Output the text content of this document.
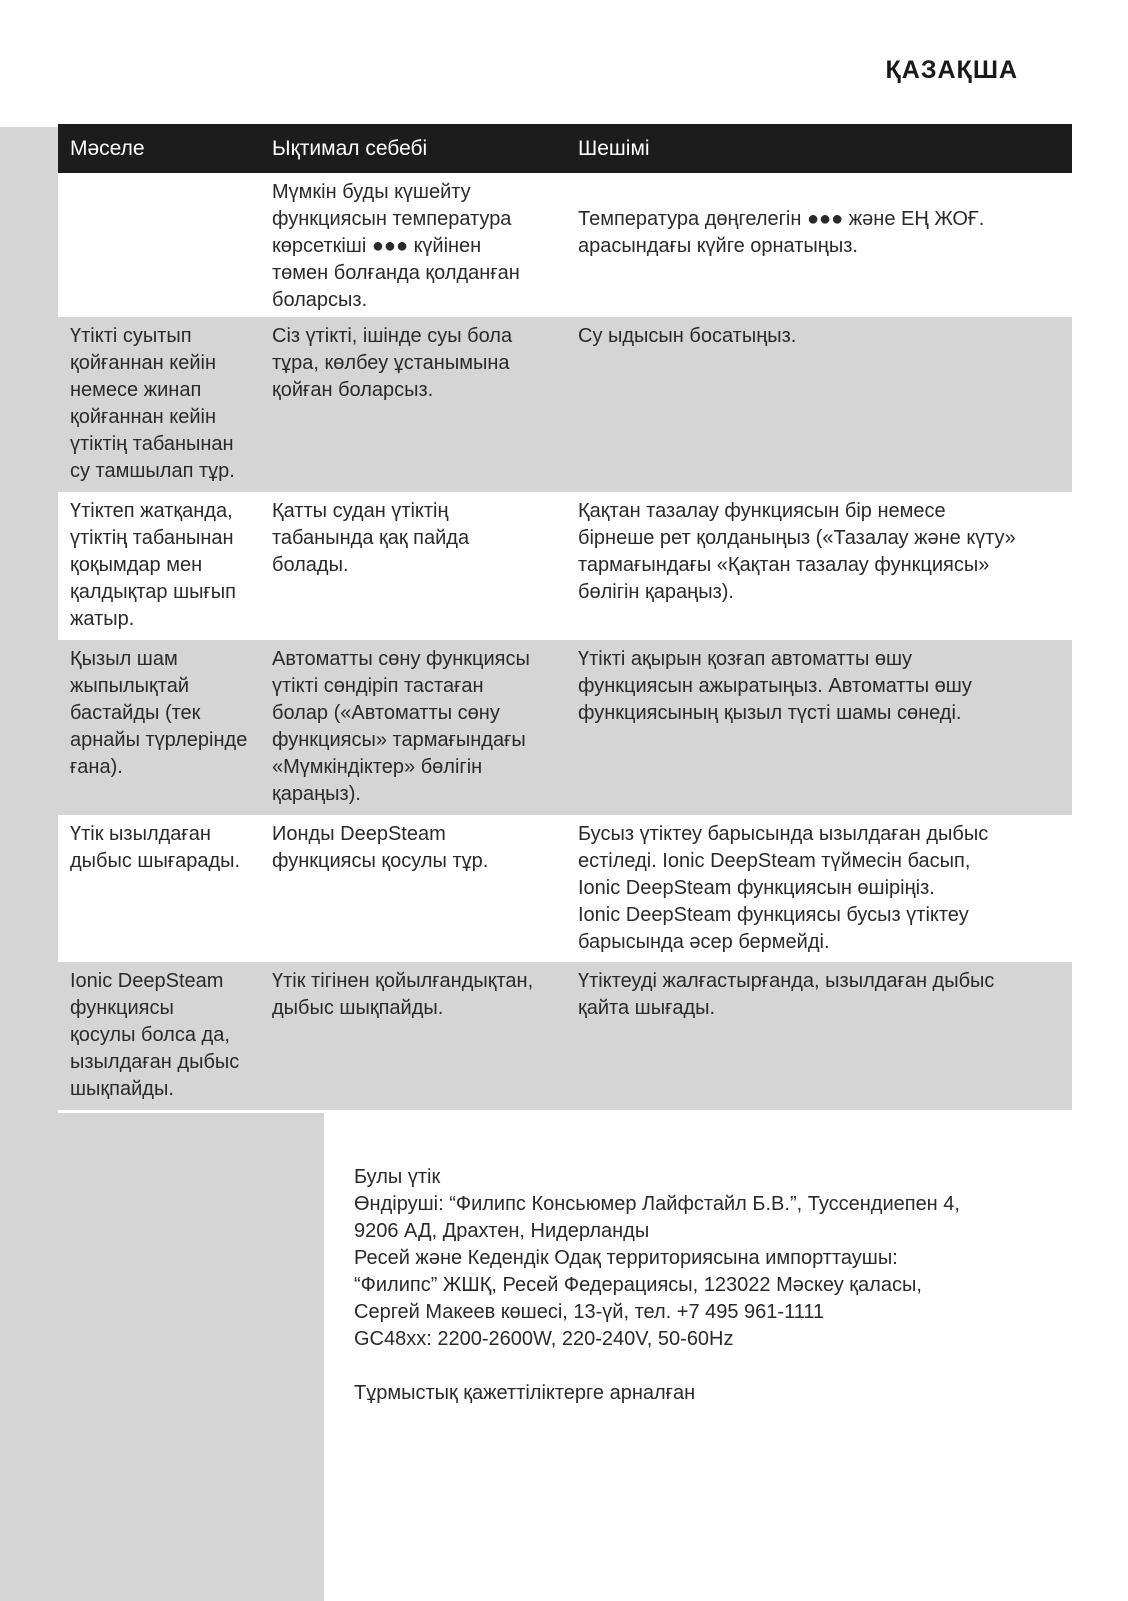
ҚАЗАҚША
Мәселе	Ықтимал себебі	Шешімі
Мүмкін буды күшейту
функциясын температура
көрсеткіші ●●● күйінен
төмен болғанда қолданған
боларсыз.

Температура дөңгелегін ●●● және ЕҢ ЖОҒ.
арасындағы күйге орнатыңыз.
Үтікті суытып
қойғаннан кейін
немесе жинап
қойғаннан кейін
үтіктің табанынан
су тамшылап тұр.
Сіз үтікті, ішінде суы бола
тұра, көлбеу ұстанымына
қойған боларсыз.
Су ыдысын босатыңыз.
Үтіктеп жатқанда,
үтіктің табанынан
қоқымдар мен
қалдықтар шығып
жатыр.
Қатты судан үтіктің
табанында қақ пайда
болады.
Қақтан тазалау функциясын бір немесе
бірнеше рет қолданыңыз («Тазалау және күту»
тармағындағы «Қақтан тазалау функциясы»
бөлігін қараңыз).
Қызыл шам
жыпылықтай
бастайды (тек
арнайы түрлерінде
ғана).
Автоматты сөну функциясы
үтікті сөндіріп тастаған
болар («Автоматты сөну
функциясы» тармағындағы
«Мүмкіндіктер» бөлігін
қараңыз).
Үтікті ақырын қозғап автоматты өшу
функциясын ажыратыңыз. Автоматты өшу
функциясының қызыл түсті шамы сөнеді.
Үтік ызылдаған
дыбыс шығарады.
Ионды DeepSteam
функциясы қосулы тұр.
Бусыз үтіктеу барысында ызылдаған дыбыс
естіледі. Ionic DeepSteam түймесін басып,
Ionic DeepSteam функциясын өшіріңіз.
Ionic DeepSteam функциясы бусыз үтіктеу
барысында әсер бермейді.
Ionic DeepSteam
функциясы
қосулы болса да,
ызылдаған дыбыс
шықпайды.
Үтік тігінен қойылғандықтан,
дыбыс шықпайды.
Үтіктеуді жалғастырғанда, ызылдаған дыбыс
қайта шығады.
Булы үтік
Өндіруші: “Филипс Консьюмер Лайфстайл Б.В.”, Туссендиепен 4,
9206 АД, Драхтен, Нидерланды
Ресей және Кедендік Одақ территориясына импорттаушы:
“Филипс” ЖШҚ, Ресей Федерациясы, 123022 Мәскеу қаласы,
Сергей Макеев көшесі, 13-үй, тел. +7 495 961-1111
GC48xx: 2200-2600W, 220-240V, 50-60Hz
Тұрмыстық қажеттіліктерге арналған
